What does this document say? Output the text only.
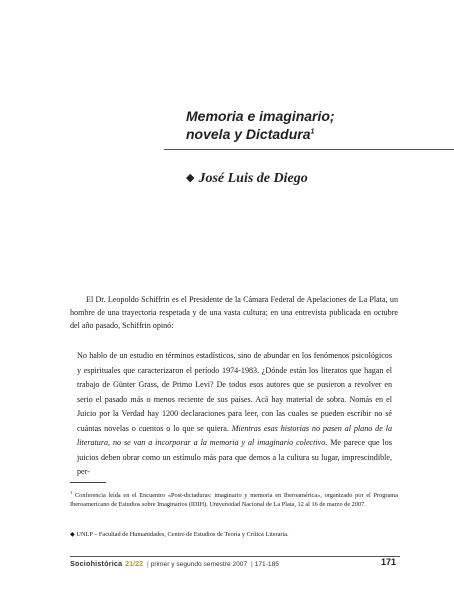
Memoria e imaginario;
novela y Dictadura$^1$
◆ José Luis de Diego

El Dr. Leopoldo Schiffrin es el Presidente de la Cámara Federal de Apelaciones de La Plata, un hombre de una trayectoria respetada y de una vasta cultura; en una entrevista publicada en octubre del año pasado, Schiffrin opinó:

No hablo de un estudio en términos estadísticos, sino de abundar en los fenómenos psicológicos y espirituales que caracterizaron el período 1974-1983. ¿Dónde están los literatos que hagan el trabajo de Günter Grass, de Primo Levi? De todos esos autores que se pusieron a revolver en serio el pasado más o menos reciente de sus países. Acá hay material de sobra. Nomás en el Juicio por la Verdad hay 1200 declaraciones para leer, con las cuales se pueden escribir no sé cuántas novelas o cuentos o lo que se quiera. Mientras esas historias no pasen al plano de la literatura, no se van a incorporar a la memoria y al imaginario colectivo. Me parece que los juicios deben obrar como un estímulo más para que demos a la cultura su lugar, imprescindible, per-

$^1$ Conferencia leída en el Encuentro «Post-dictaduras: imaginario y memoria en Iberoamérica», organizado por el Programa Iberoamericano de Estudios sobre Imaginarios (IDIH). Universidad Nacional de La Plata, 12 al 16 de marzo de 2007.

◆ UNLP – Facultad de Humanidades, Centro de Estudios de Teoría y Crítica Literaria.

Sociohistórica 21/22 | primer y segundo semestre 2007 | 171-185	171
